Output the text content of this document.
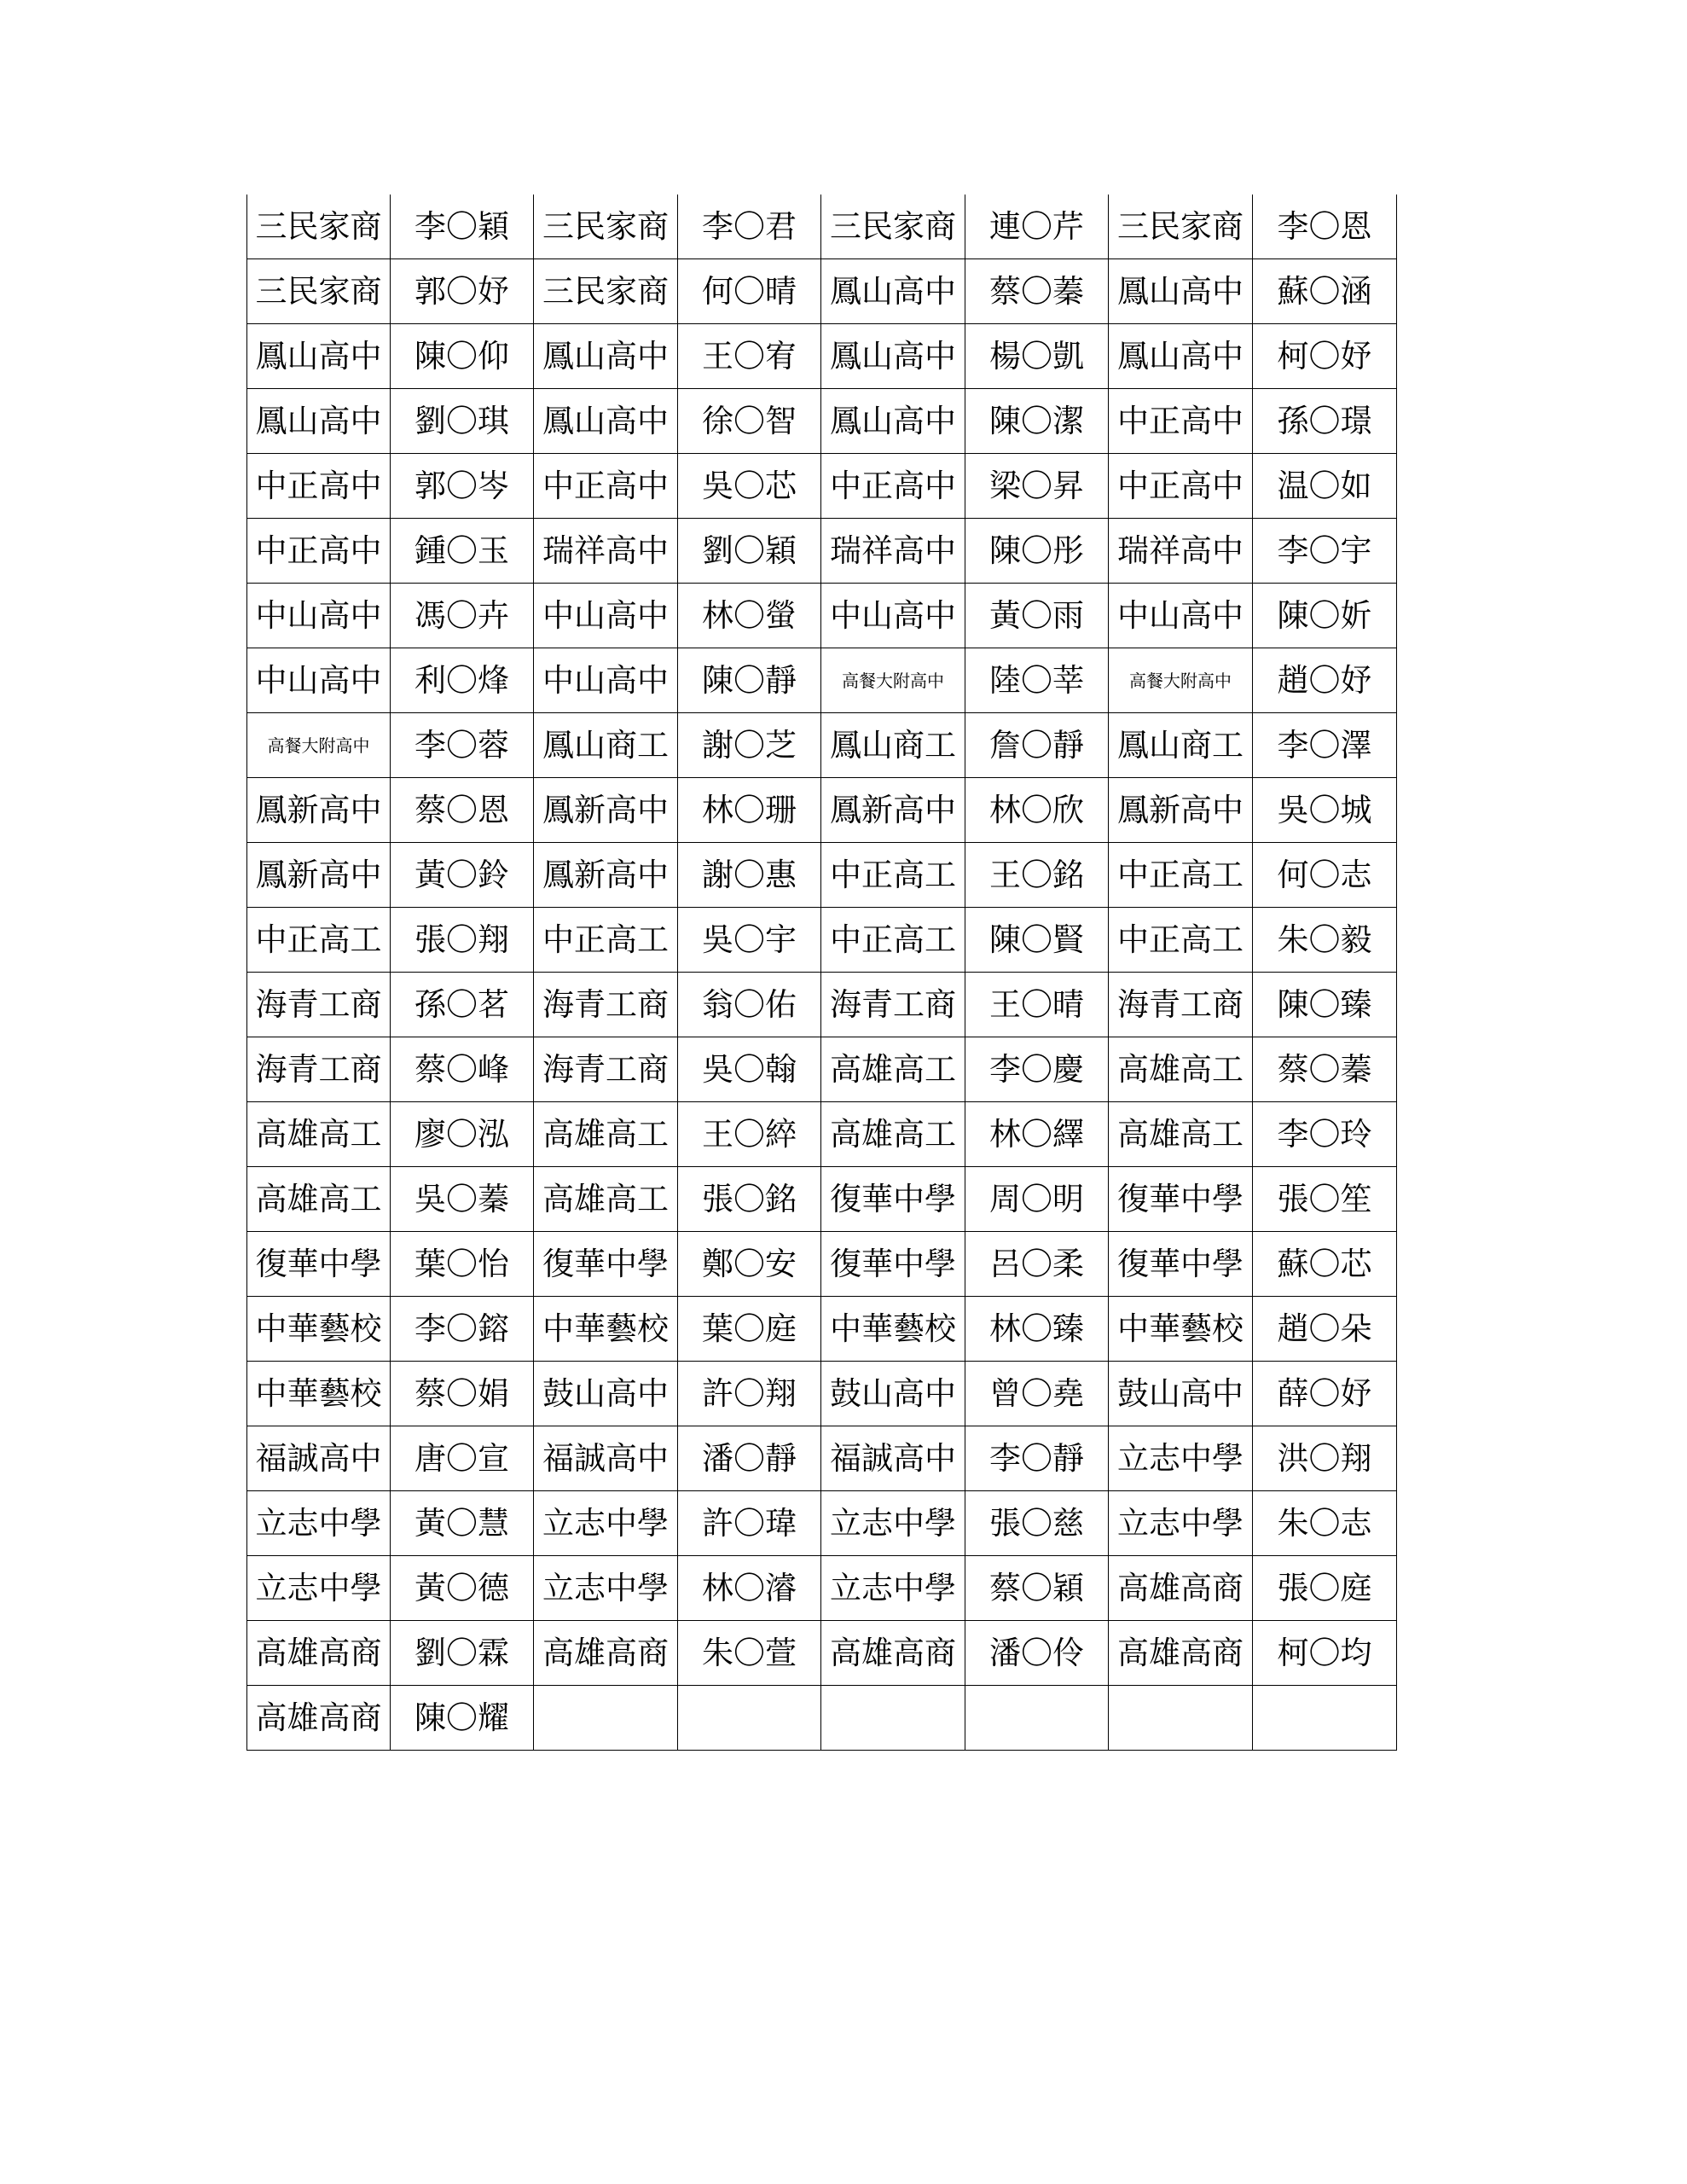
三民家商	李〇穎	三民家商	李〇君	三民家商	連〇芹	三民家商	李〇恩
三民家商	郭〇妤	三民家商	何〇晴	鳳山高中	蔡〇蓁	鳳山高中	蘇〇涵
鳳山高中	陳〇仰	鳳山高中	王〇宥	鳳山高中	楊〇凱	鳳山高中	柯〇妤
鳳山高中	劉〇琪	鳳山高中	徐〇智	鳳山高中	陳〇潔	中正高中	孫〇璟
中正高中	郭〇岑	中正高中	吳〇芯	中正高中	梁〇昇	中正高中	温〇如
中正高中	鍾〇玉	瑞祥高中	劉〇穎	瑞祥高中	陳〇彤	瑞祥高中	李〇宇
中山高中	馮〇卉	中山高中	林〇螢	中山高中	黃〇雨	中山高中	陳〇妡
中山高中	利〇烽	中山高中	陳〇靜	高餐大附高中	陸〇莘	高餐大附高中	趙〇妤
高餐大附高中	李〇蓉	鳳山商工	謝〇芝	鳳山商工	詹〇靜	鳳山商工	李〇澤
鳳新高中	蔡〇恩	鳳新高中	林〇珊	鳳新高中	林〇欣	鳳新高中	吳〇城
鳳新高中	黃〇鈴	鳳新高中	謝〇惠	中正高工	王〇銘	中正高工	何〇志
中正高工	張〇翔	中正高工	吳〇宇	中正高工	陳〇賢	中正高工	朱〇毅
海青工商	孫〇茗	海青工商	翁〇佑	海青工商	王〇晴	海青工商	陳〇臻
海青工商	蔡〇峰	海青工商	吳〇翰	高雄高工	李〇慶	高雄高工	蔡〇蓁
高雄高工	廖〇泓	高雄高工	王〇綷	高雄高工	林〇繹	高雄高工	李〇玲
高雄高工	吳〇蓁	高雄高工	張〇銘	復華中學	周〇明	復華中學	張〇笙
復華中學	葉〇怡	復華中學	鄭〇安	復華中學	呂〇柔	復華中學	蘇〇芯
中華藝校	李〇鎔	中華藝校	葉〇庭	中華藝校	林〇臻	中華藝校	趙〇朵
中華藝校	蔡〇娟	鼓山高中	許〇翔	鼓山高中	曾〇堯	鼓山高中	薛〇妤
福誠高中	唐〇宣	福誠高中	潘〇靜	福誠高中	李〇靜	立志中學	洪〇翔
立志中學	黃〇慧	立志中學	許〇瑋	立志中學	張〇慈	立志中學	朱〇志
立志中學	黃〇德	立志中學	林〇濬	立志中學	蔡〇穎	高雄高商	張〇庭
高雄高商	劉〇霖	高雄高商	朱〇萱	高雄高商	潘〇伶	高雄高商	柯〇均
高雄高商	陳〇耀						
